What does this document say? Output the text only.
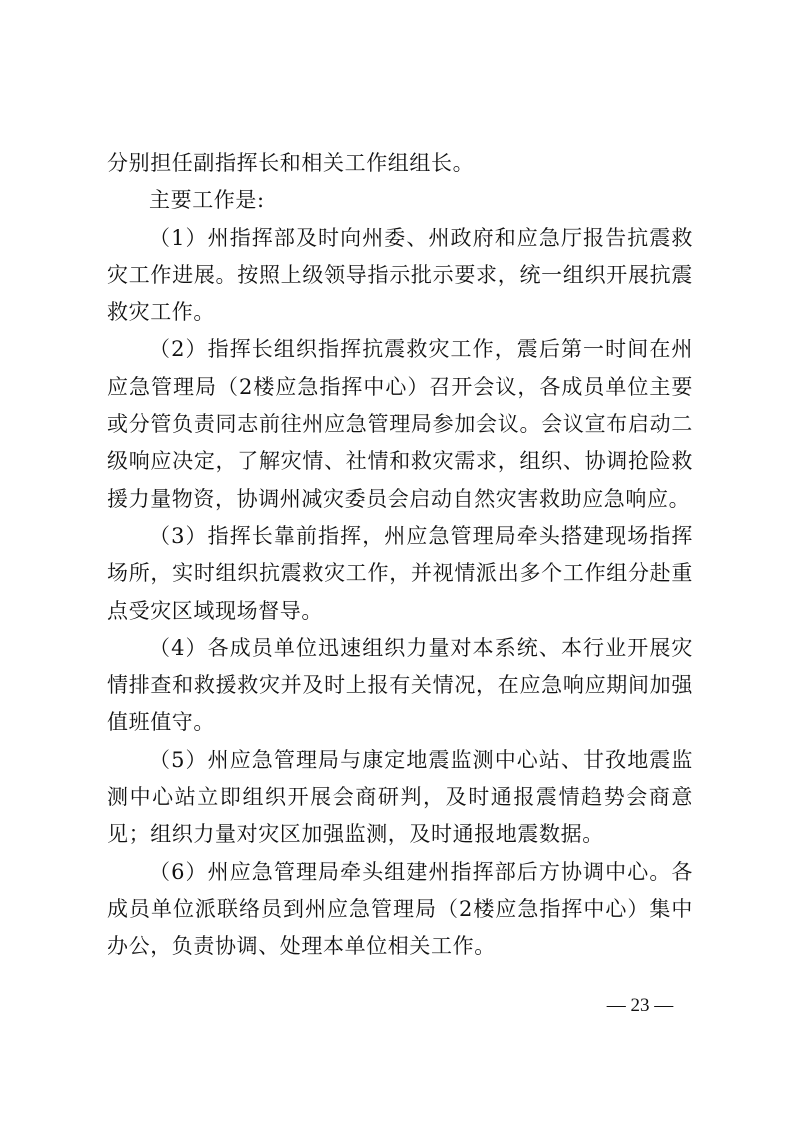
分别担任副指挥长和相关工作组组长。

主要工作是:

（1）州指挥部及时向州委、州政府和应急厅报告抗震救灾工作进展。按照上级领导指示批示要求，统一组织开展抗震救灾工作。

（2）指挥长组织指挥抗震救灾工作，震后第一时间在州应急管理局（2楼应急指挥中心）召开会议，各成员单位主要或分管负责同志前往州应急管理局参加会议。会议宣布启动二级响应决定，了解灾情、社情和救灾需求，组织、协调抢险救援力量物资，协调州减灾委员会启动自然灾害救助应急响应。

（3）指挥长靠前指挥，州应急管理局牵头搭建现场指挥场所，实时组织抗震救灾工作，并视情派出多个工作组分赴重点受灾区域现场督导。

（4）各成员单位迅速组织力量对本系统、本行业开展灾情排查和救援救灾并及时上报有关情况，在应急响应期间加强值班值守。

（5）州应急管理局与康定地震监测中心站、甘孜地震监测中心站立即组织开展会商研判，及时通报震情趋势会商意见；组织力量对灾区加强监测，及时通报地震数据。

（6）州应急管理局牵头组建州指挥部后方协调中心。各成员单位派联络员到州应急管理局（2楼应急指挥中心）集中办公，负责协调、处理本单位相关工作。

— 23 —
